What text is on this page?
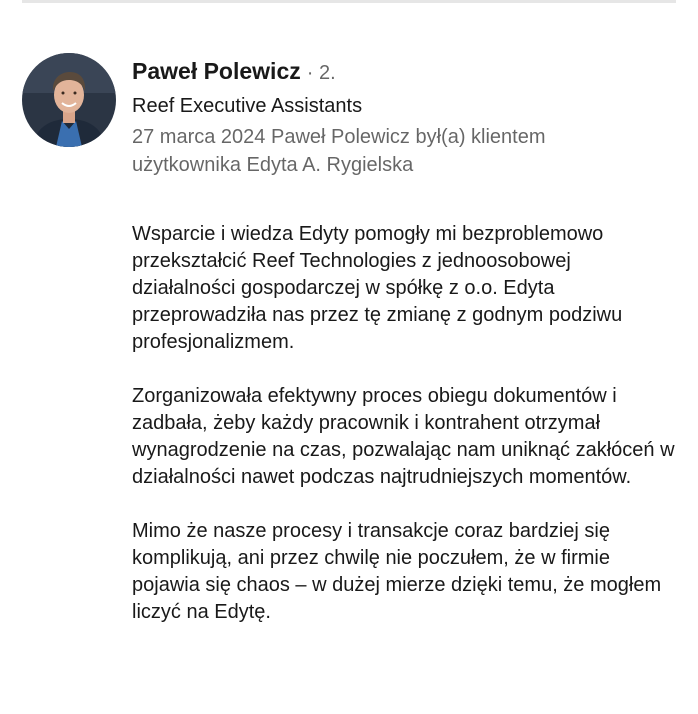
Paweł Polewicz · 2.
Reef Executive Assistants
27 marca 2024 Paweł Polewicz był(a) klientem użytkownika Edyta A. Rygielska

Wsparcie i wiedza Edyty pomogły mi bezproblemowo przekształcić Reef Technologies z jednoosobowej działalności gospodarczej w spółkę z o.o. Edyta przeprowadziła nas przez tę zmianę z godnym podziwu profesjonalizmem.

Zorganizowała efektywny proces obiegu dokumentów i zadbała, żeby każdy pracownik i kontrahent otrzymał wynagrodzenie na czas, pozwalając nam uniknąć zakłóceń w działalności nawet podczas najtrudniejszych momentów.

Mimo że nasze procesy i transakcje coraz bardziej się komplikują, ani przez chwilę nie poczułem, że w firmie pojawia się chaos – w dużej mierze dzięki temu, że mogłem liczyć na Edytę.
